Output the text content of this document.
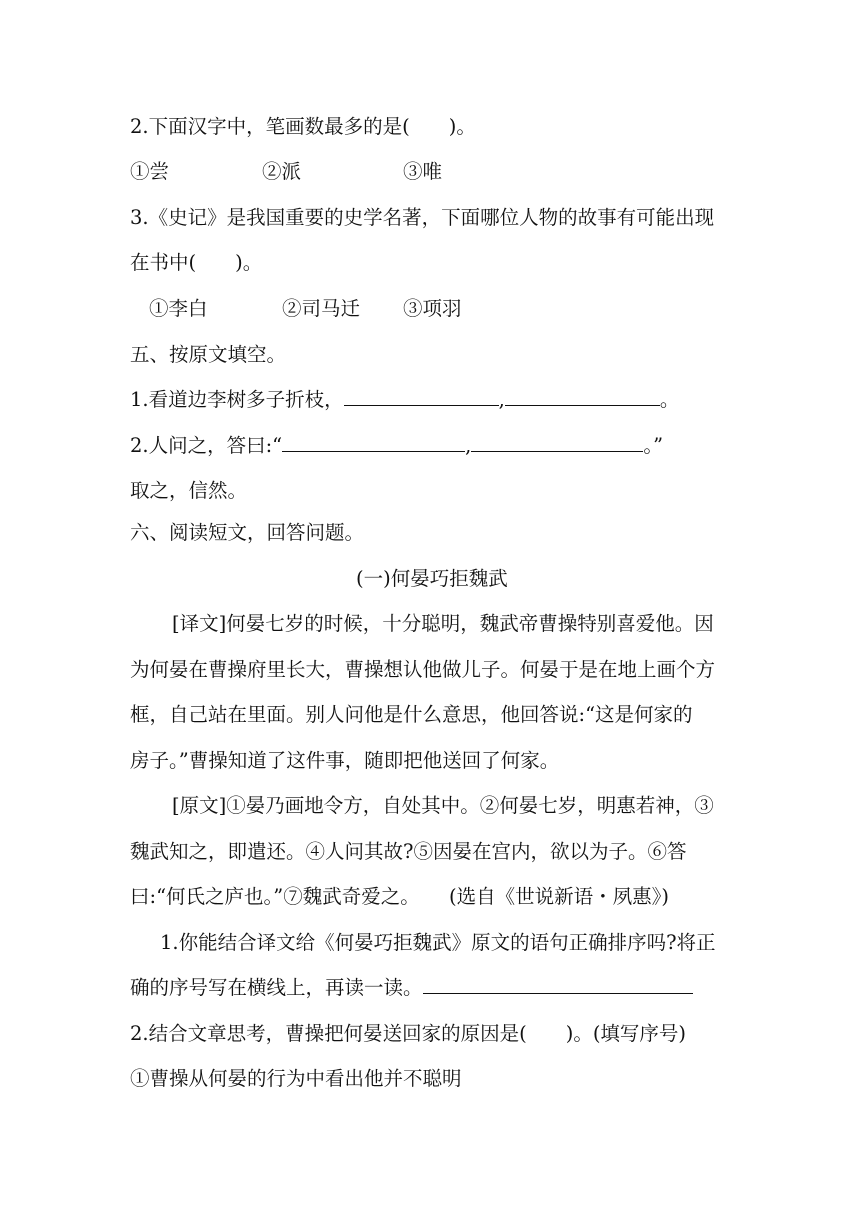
2.下面汉字中，笔画数最多的是(　　)。
①尝	②派	③唯
3.《史记》是我国重要的史学名著，下面哪位人物的故事有可能出现
在书中(　　)。
①李白	②司马迁 ③项羽
五、按原文填空。
1.看道边李树多子折枝，	,	。
2.人问之，答曰:“	,	。”
取之，信然。
六、阅读短文，回答问题。
(一)何晏巧拒魏武
[译文]何晏七岁的时候，十分聪明，魏武帝曹操特别喜爱他。因
为何晏在曹操府里长大，曹操想认他做儿子。何晏于是在地上画个方
框，自己站在里面。别人问他是什么意思，他回答说:“这是何家的
房子。”曹操知道了这件事，随即把他送回了何家。
[原文]①晏乃画地令方，自处其中。②何晏七岁，明惠若神，③
魏武知之，即遣还。④人问其故?⑤因晏在宫内，欲以为子。⑥答
曰:“何氏之庐也。”⑦魏武奇爱之。　　(选自《世说新语・夙惠》)
1.你能结合译文给《何晏巧拒魏武》原文的语句正确排序吗?将正
确的序号写在横线上，再读一读。
2.结合文章思考，曹操把何晏送回家的原因是(　　)。(填写序号)
①曹操从何晏的行为中看出他并不聪明
